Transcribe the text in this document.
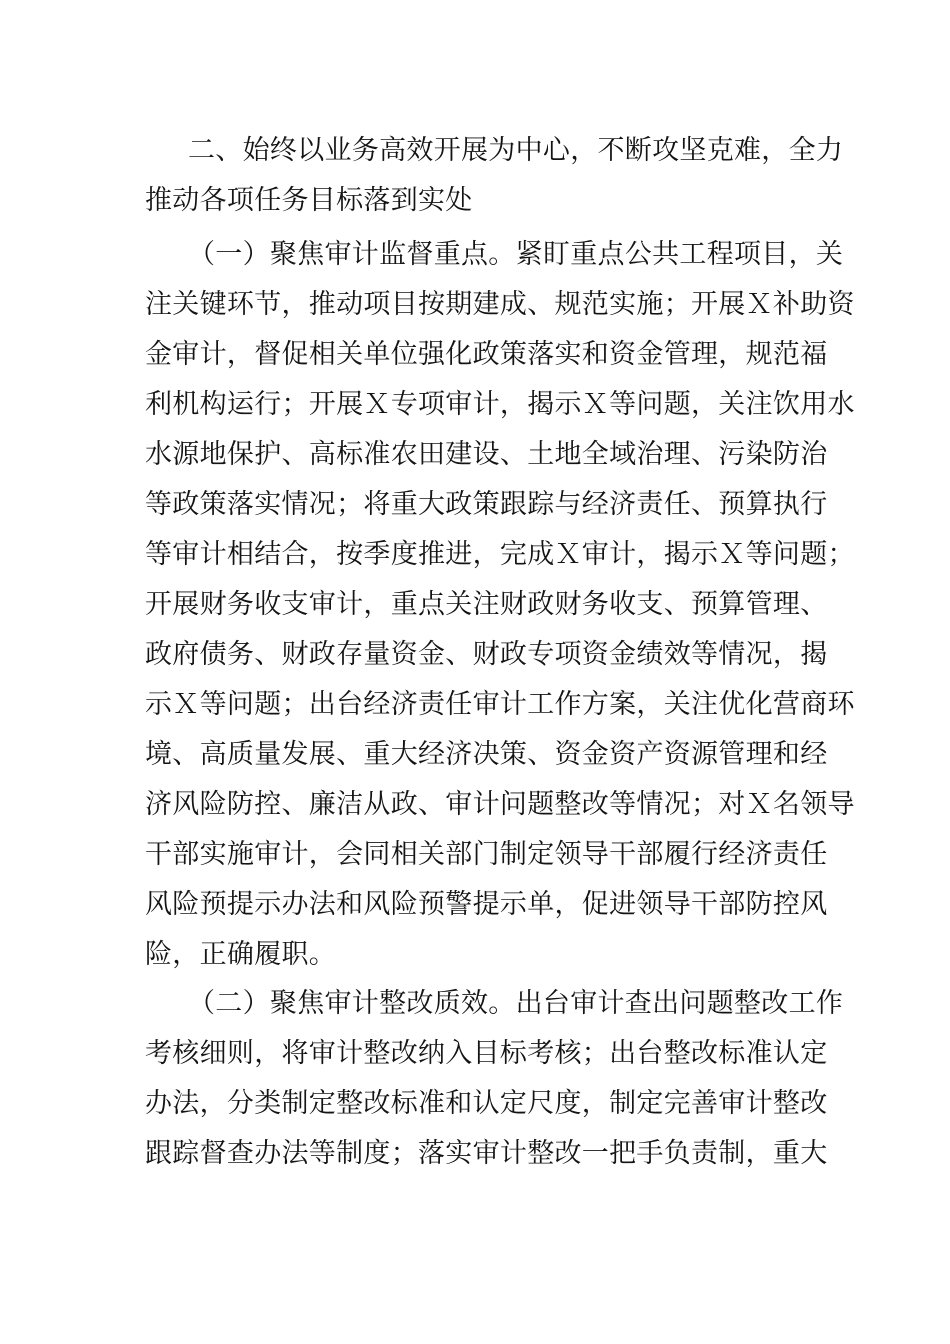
二、始终以业务高效开展为中心，不断攻坚克难，全力

推动各项任务目标落到实处

（一）聚焦审计监督重点。紧盯重点公共工程项目，关

注关键环节，推动项目按期建成、规范实施；开展Ｘ补助资

金审计，督促相关单位强化政策落实和资金管理，规范福

利机构运行；开展Ｘ专项审计，揭示Ｘ等问题，关注饮用水

水源地保护、高标准农田建设、土地全域治理、污染防治

等政策落实情况；将重大政策跟踪与经济责任、预算执行

等审计相结合，按季度推进，完成Ｘ审计，揭示Ｘ等问题；

开展财务收支审计，重点关注财政财务收支、预算管理、

政府债务、财政存量资金、财政专项资金绩效等情况，揭

示Ｘ等问题；出台经济责任审计工作方案，关注优化营商环

境、高质量发展、重大经济决策、资金资产资源管理和经

济风险防控、廉洁从政、审计问题整改等情况；对Ｘ名领导

干部实施审计，会同相关部门制定领导干部履行经济责任

风险预提示办法和风险预警提示单，促进领导干部防控风

险，正确履职。

（二）聚焦审计整改质效。出台审计查出问题整改工作

考核细则，将审计整改纳入目标考核；出台整改标准认定

办法，分类制定整改标准和认定尺度，制定完善审计整改

跟踪督查办法等制度；落实审计整改一把手负责制，重大
